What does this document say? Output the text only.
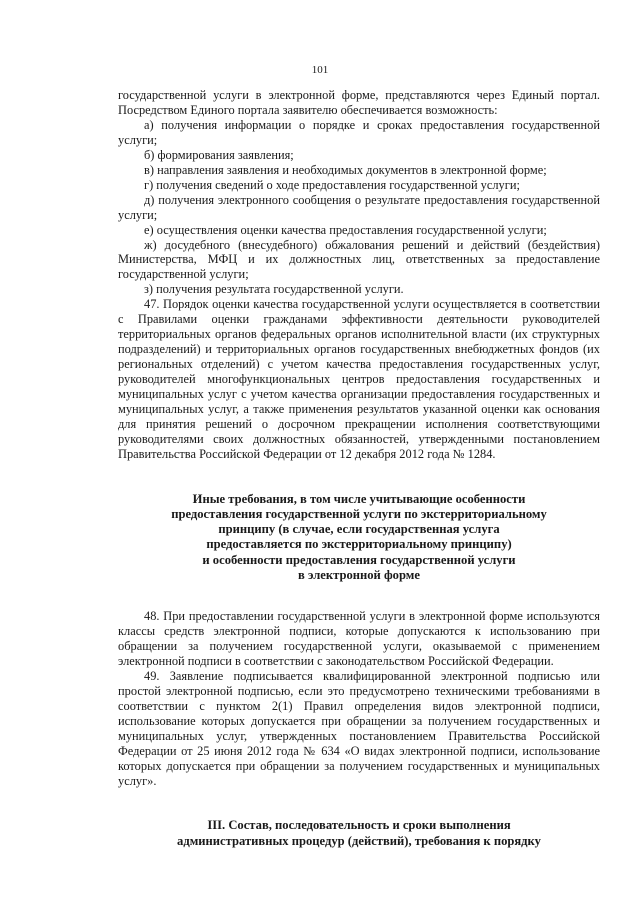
101

государственной услуги в электронной форме, представляются через Единый портал. Посредством Единого портала заявителю обеспечивается возможность:

а) получения информации о порядке и сроках предоставления государственной услуги;

б) формирования заявления;

в) направления заявления и необходимых документов в электронной форме;

г) получения сведений о ходе предоставления государственной услуги;

д) получения электронного сообщения о результате предоставления государственной услуги;

е) осуществления оценки качества предоставления государственной услуги;

ж) досудебного (внесудебного) обжалования решений и действий (бездействия) Министерства, МФЦ и их должностных лиц, ответственных за предоставление государственной услуги;

з) получения результата государственной услуги.

47. Порядок оценки качества государственной услуги осуществляется в соответствии с Правилами оценки гражданами эффективности деятельности руководителей территориальных органов федеральных органов исполнительной власти (их структурных подразделений) и территориальных органов государственных внебюджетных фондов (их региональных отделений) с учетом качества предоставления государственных услуг, руководителей многофункциональных центров предоставления государственных и муниципальных услуг с учетом качества организации предоставления государственных и муниципальных услуг, а также применения результатов указанной оценки как основания для принятия решений о досрочном прекращении исполнения соответствующими руководителями своих должностных обязанностей, утвержденными постановлением Правительства Российской Федерации от 12 декабря 2012 года № 1284.

Иные требования, в том числе учитывающие особенности
предоставления государственной услуги по экстерриториальному
принципу (в случае, если государственная услуга
предоставляется по экстерриториальному принципу)
и особенности предоставления государственной услуги
в электронной форме

48. При предоставлении государственной услуги в электронной форме используются классы средств электронной подписи, которые допускаются к использованию при обращении за получением государственной услуги, оказываемой с применением электронной подписи в соответствии с законодательством Российской Федерации.

49. Заявление подписывается квалифицированной электронной подписью или простой электронной подписью, если это предусмотрено техническими требованиями в соответствии с пунктом 2(1) Правил определения видов электронной подписи, использование которых допускается при обращении за получением государственных и муниципальных услуг, утвержденных постановлением Правительства Российской Федерации от 25 июня 2012 года № 634 «О видах электронной подписи, использование которых допускается при обращении за получением государственных и муниципальных услуг».

III. Состав, последовательность и сроки выполнения
административных процедур (действий), требования к порядку
